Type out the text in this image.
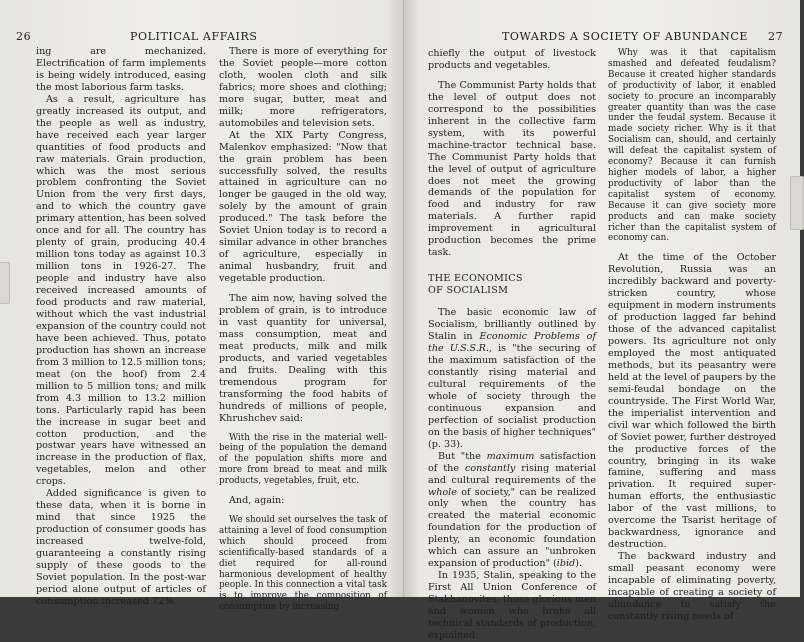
26	POLITICAL AFFAIRS

ing are mechanized. Electrification of farm implements is being widely introduced, easing the most laborious farm tasks.

As a result, agriculture has greatly increased its output, and the people as well as industry, have received each year larger quantities of food products and raw materials. Grain production, which was the most serious problem confronting the Soviet Union from the very first days, and to which the country gave primary attention, has been solved once and for all. The country has plenty of grain, producing 40.4 million tons today as against 10.3 million tons in 1926-27. The people and industry have also received increased amounts of food products and raw material, without which the vast industrial expansion of the country could not have been achieved. Thus, potato production has shown an increase from 3 million to 12.5 million tons; meat (on the hoof) from 2.4 million to 5 million tons; and milk from 4.3 million to 13.2 million tons. Particularly rapid has been the increase in sugar beet and cotton production, and the postwar years have witnessed an increase in the production of flax, vegetables, melon and other crops.

Added significance is given to these data, when it is borne in mind that since 1925 the production of consumer goods has increased twelve-fold, guaranteeing a constantly rising supply of these goods to the Soviet population. In the post-war period alone output of articles of consumption increased 72%.

There is more of everything for the Soviet people—more cotton cloth, woolen cloth and silk fabrics; more shoes and clothing; more sugar, butter, meat and milk; more refrigerators, automobiles and television sets.

At the XIX Party Congress, Malenkov emphasized: "Now that the grain problem has been successfully solved, the results attained in agriculture can no longer be gauged in the old way, solely by the amount of grain produced." The task before the Soviet Union today is to record a similar advance in other branches of agriculture, especially in animal husbandry, fruit and vegetable production.

The aim now, having solved the problem of grain, is to introduce in vast quantity for universal, mass consumption, meat and meat products, milk and milk products, and varied vegetables and fruits. Dealing with this tremendous program for transforming the food habits of hundreds of millions of people, Khrushchev said:

With the rise in the material well-being of the population the demand of the population shifts more and more from bread to meat and milk products, vegetables, fruit, etc.

And, again:

We should set ourselves the task of attaining a level of food consumption which should proceed from scientifically-based standards of a diet required for all-round harmonious development of healthy people. In this connection a vital task is to improve the composition of consumption by increasing

TOWARDS A SOCIETY OF ABUNDANCE 27

chiefly the output of livestock products and vegetables.

The Communist Party holds that the level of output does not correspond to the possibilities inherent in the collective farm system, with its powerful machine-tractor technical base. The Communist Party holds that the level of output of agriculture does not meet the growing demands of the population for food and industry for raw materials. A further rapid improvement in agricultural production becomes the prime task.

THE ECONOMICS
OF SOCIALISM

The basic economic law of Socialism, brilliantly outlined by Stalin in Economic Problems of the U.S.S.R., is "the securing of the maximum satisfaction of the constantly rising material and cultural requirements of the whole of society through the continuous expansion and perfection of socialist production on the basis of higher techniques" (p. 33).

But "the maximum satisfaction of the constantly rising material and cultural requirements of the whole of society," can be realized only when the country has created the material economic foundation for the production of plenty, an economic foundation which can assure an "unbroken expansion of production" (ibid).

In 1935, Stalin, speaking to the First All Union Conference of Stakhanovites, those glorious men and women who broke all technical standards of production, explained:

Why was it that capitalism smashed and defeated feudalism? Because it created higher standards of productivity of labor, it enabled society to procure an incomparably greater quantity than was the case under the feudal system. Because it made society richer. Why is it that Socialism can, should, and certainly will defeat the capitalist system of economy? Because it can furnish higher models of labor, a higher productivity of labor than the capitalist system of economy. Because it can give society more products and can make society richer than the capitalist system of economy can.

At the time of the October Revolution, Russia was an incredibly backward and poverty-stricken country, whose equipment in modern instruments of production lagged far behind those of the advanced capitalist powers. Its agriculture not only employed the most antiquated methods, but its peasantry were held at the level of paupers by the semi-feudal bondage on the countryside. The First World War, the imperialist intervention and civil war which followed the birth of Soviet power, further destroyed the productive forces of the country, bringing in its wake famine, suffering and mass privation. It required super-human efforts, the enthusiastic labor of the vast millions, to overcome the Tsarist heritage of backwardness, ignorance and destruction.

The backward industry and small peasant economy were incapable of eliminating poverty, incapable of creating a society of abundance to satisfy the constantly rising needs of
